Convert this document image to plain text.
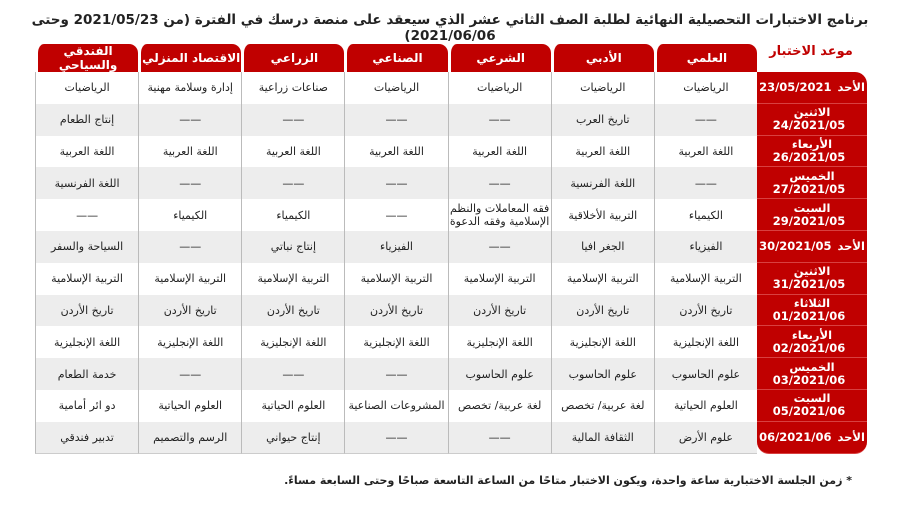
برنامج الاختبارات التحصيلية النهائية لطلبة الصف الثاني عشر الذي سيعقد على منصة درسك في الفترة (من 2021/05/23 وحتى 2021/06/06)
موعد الاختبار
	العلمي	الأدبي	الشرعي	الصناعي	الزراعي	الاقتصاد المنزلي	الفندقي والسياحي
الأحد23/05/2021	الرياضيات	الرياضيات	الرياضيات	الرياضيات	صناعات زراعية	إدارة وسلامة مهنية	الرياضيات
الاثنين24/2021/05	——	تاريخ العرب	——	——	——	——	إنتاج الطعام
الأربعاء26/2021/05	اللغة العربية	اللغة العربية	اللغة العربية	اللغة العربية	اللغة العربية	اللغة العربية	اللغة العربية
الخميس27/2021/05	——	اللغة الفرنسية	——	——	——	——	اللغة الفرنسية
السبت29/2021/05	الكيمياء	التربية الأخلاقية	فقه المعاملات والنظم الإسلامية وفقه الدعوة	——	الكيمياء	الكيمياء	——
الأحد30/2021/05	الفيزياء	الجغر افيا	——	الفيزياء	إنتاج نباتي	——	السياحة والسفر
الاثنين31/2021/05	التربية الإسلامية	التربية الإسلامية	التربية الإسلامية	التربية الإسلامية	التربية الإسلامية	التربية الإسلامية	التربية الإسلامية
الثلاثاء01/2021/06	تاريخ الأردن	تاريخ الأردن	تاريخ الأردن	تاريخ الأردن	تاريخ الأردن	تاريخ الأردن	تاريخ الأردن
الأربعاء02/2021/06	اللغة الإنجليزية	اللغة الإنجليزية	اللغة الإنجليزية	اللغة الإنجليزية	اللغة الإنجليزية	اللغة الإنجليزية	اللغة الإنجليزية
الخميس03/2021/06	علوم الحاسوب	علوم الحاسوب	علوم الحاسوب	——	——	——	خدمة الطعام
السبت05/2021/06	العلوم الحياتية	لغة عربية/ تخصص	لغة عربية/ تخصص	المشروعات الصناعية	العلوم الحياتية	العلوم الحياتية	دو ائر أمامية
الأحد06/2021/06	علوم الأرض	الثقافة المالية	——	——	إنتاج حيواني	الرسم والتصميم	تدبير فندقي
* زمن الجلسة الاختبارية ساعة واحدة، ويكون الاختبار متاحًا من الساعة التاسعة صباحًا وحتى السابعة مساءً.
